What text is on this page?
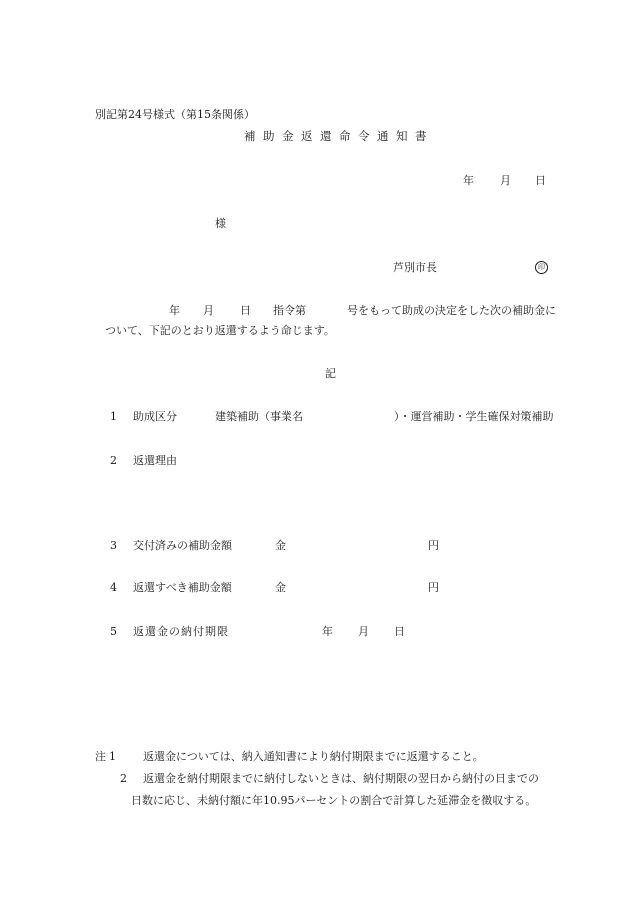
別記第24号様式（第15条関係）
補助金返還命令通知書
年 月 日
様
芦別市長	印
年 月 日 指令第	号をもって助成の決定をした次の補助金に
ついて、下記のとおり返還するよう命じます。
記
1 助成区分	建築補助（事業名	）・運営補助・学生確保対策補助
2 返還理由
3 交付済みの補助金額	金	円
4 返還すべき補助金額	金	円
5 返還金の納付期限	年 月 日
注 1 返還金については、納入通知書により納付期限までに返還すること。
2 返還金を納付期限までに納付しないときは、納付期限の翌日から納付の日までの
日数に応じ、未納付額に年10.95パーセントの割合で計算した延滞金を徴収する。
